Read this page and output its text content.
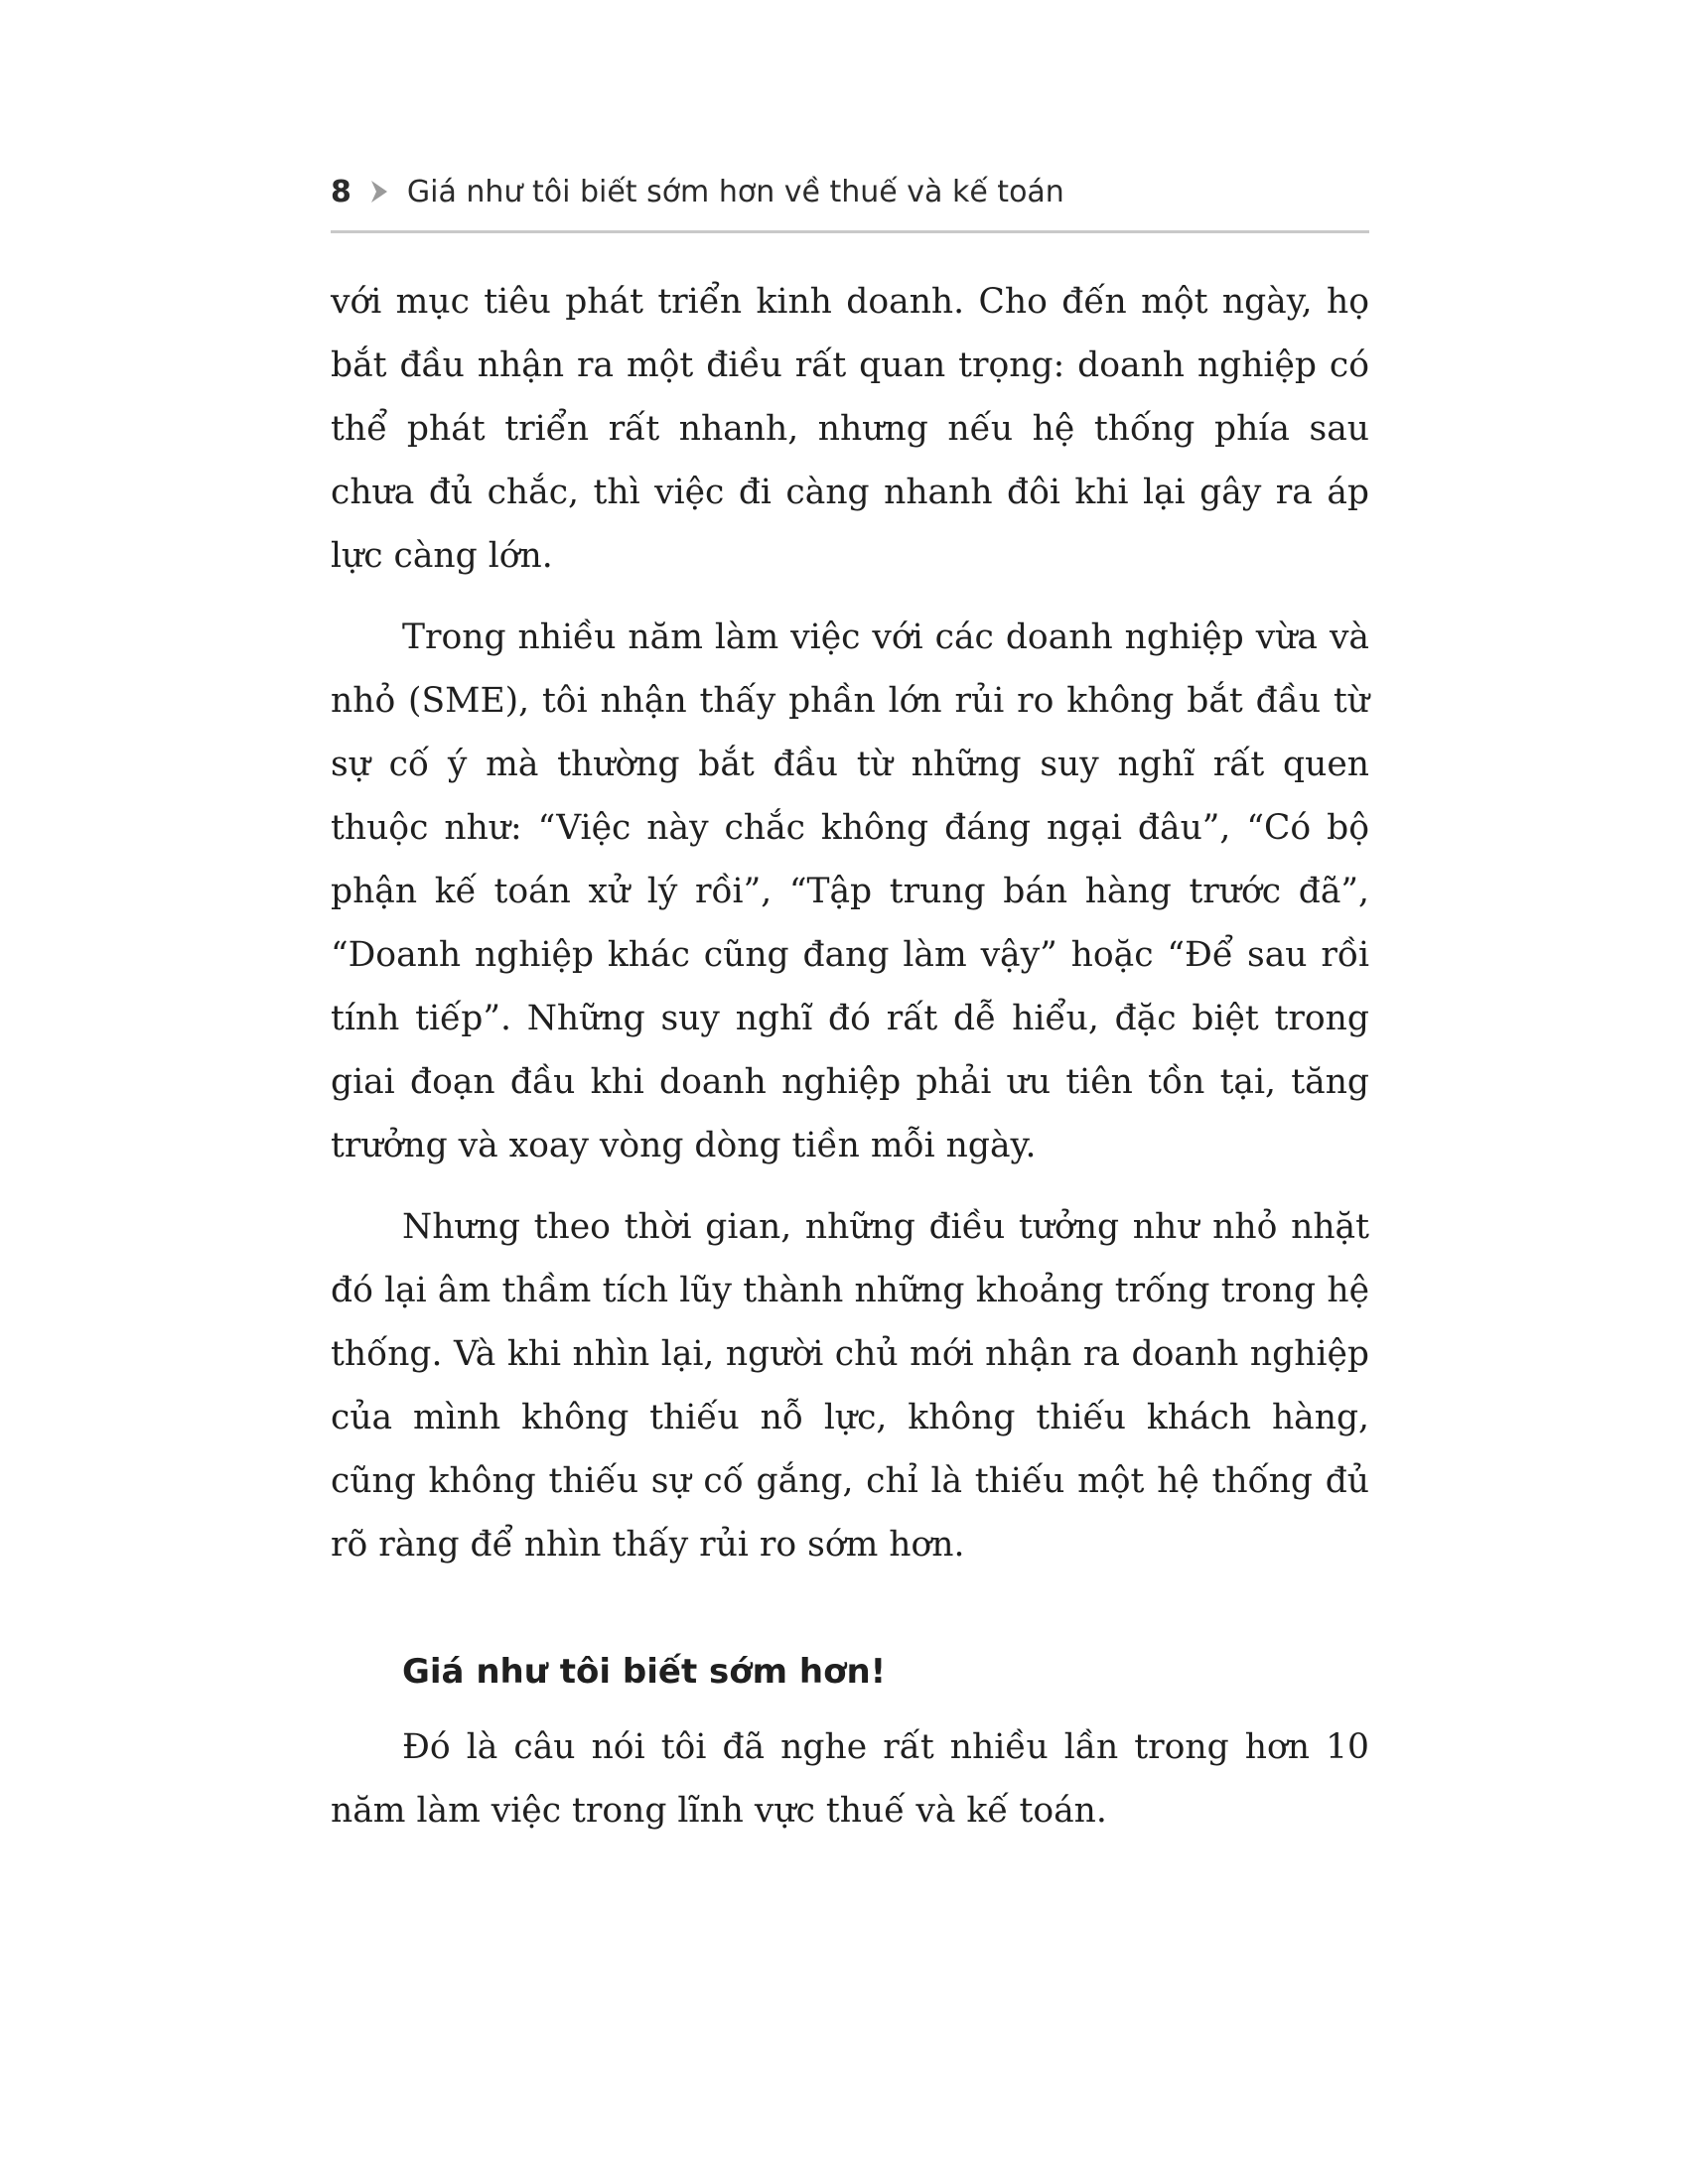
8 Giá như tôi biết sớm hơn về thuế và kế toán

với mục tiêu phát triển kinh doanh. Cho đến một ngày, họ bắt đầu nhận ra một điều rất quan trọng: doanh nghiệp có thể phát triển rất nhanh, nhưng nếu hệ thống phía sau chưa đủ chắc, thì việc đi càng nhanh đôi khi lại gây ra áp lực càng lớn.

Trong nhiều năm làm việc với các doanh nghiệp vừa và nhỏ (SME), tôi nhận thấy phần lớn rủi ro không bắt đầu từ sự cố ý mà thường bắt đầu từ những suy nghĩ rất quen thuộc như: “Việc này chắc không đáng ngại đâu”, “Có bộ phận kế toán xử lý rồi”, “Tập trung bán hàng trước đã”, “Doanh nghiệp khác cũng đang làm vậy” hoặc “Để sau rồi tính tiếp”. Những suy nghĩ đó rất dễ hiểu, đặc biệt trong giai đoạn đầu khi doanh nghiệp phải ưu tiên tồn tại, tăng trưởng và xoay vòng dòng tiền mỗi ngày.

Nhưng theo thời gian, những điều tưởng như nhỏ nhặt đó lại âm thầm tích lũy thành những khoảng trống trong hệ thống. Và khi nhìn lại, người chủ mới nhận ra doanh nghiệp của mình không thiếu nỗ lực, không thiếu khách hàng, cũng không thiếu sự cố gắng, chỉ là thiếu một hệ thống đủ rõ ràng để nhìn thấy rủi ro sớm hơn.

Giá như tôi biết sớm hơn!

Đó là câu nói tôi đã nghe rất nhiều lần trong hơn 10 năm làm việc trong lĩnh vực thuế và kế toán.
